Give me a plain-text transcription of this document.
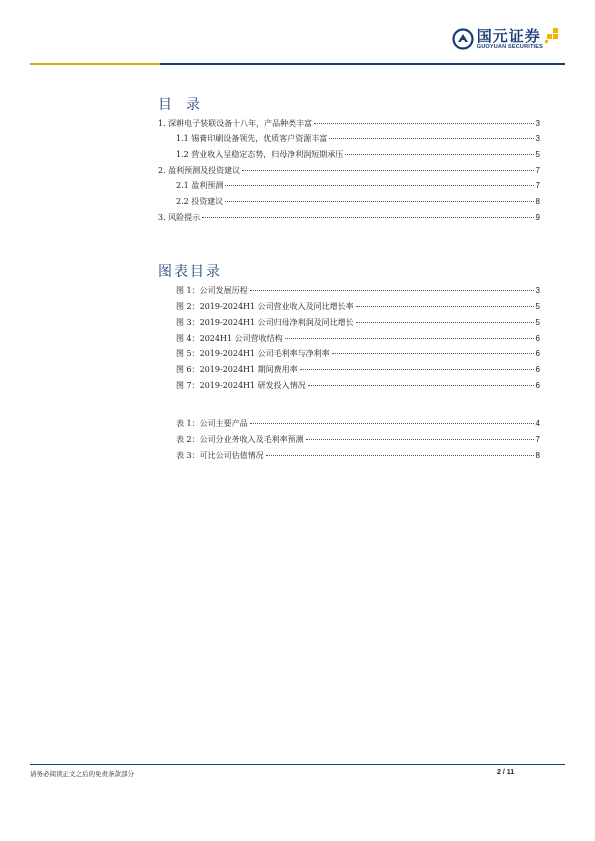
国元证券
GUOYUAN SECURITIES
目录
1. 深耕电子装联设备十八年，产品种类丰富	3
1.1 锡膏印刷设备领先，优质客户资源丰富	3
1.2 营业收入呈稳定态势，归母净利润短期承压	5
2. 盈利预测及投资建议	7
2.1 盈利预测	7
2.2 投资建议	8
3. 风险提示	9
图表目录
图 1：公司发展历程	3
图 2：2019-2024H1 公司营业收入及同比增长率	5
图 3：2019-2024H1 公司归母净利润及同比增长	5
图 4：2024H1 公司营收结构	6
图 5：2019-2024H1 公司毛利率与净利率	6
图 6：2019-2024H1 期间费用率	6
图 7：2019-2024H1 研发投入情况	6
表 1：公司主要产品	4
表 2：公司分业务收入及毛利率预测	7
表 3：可比公司估值情况	8
请务必阅读正文之后的免责条款部分	2 / 11
